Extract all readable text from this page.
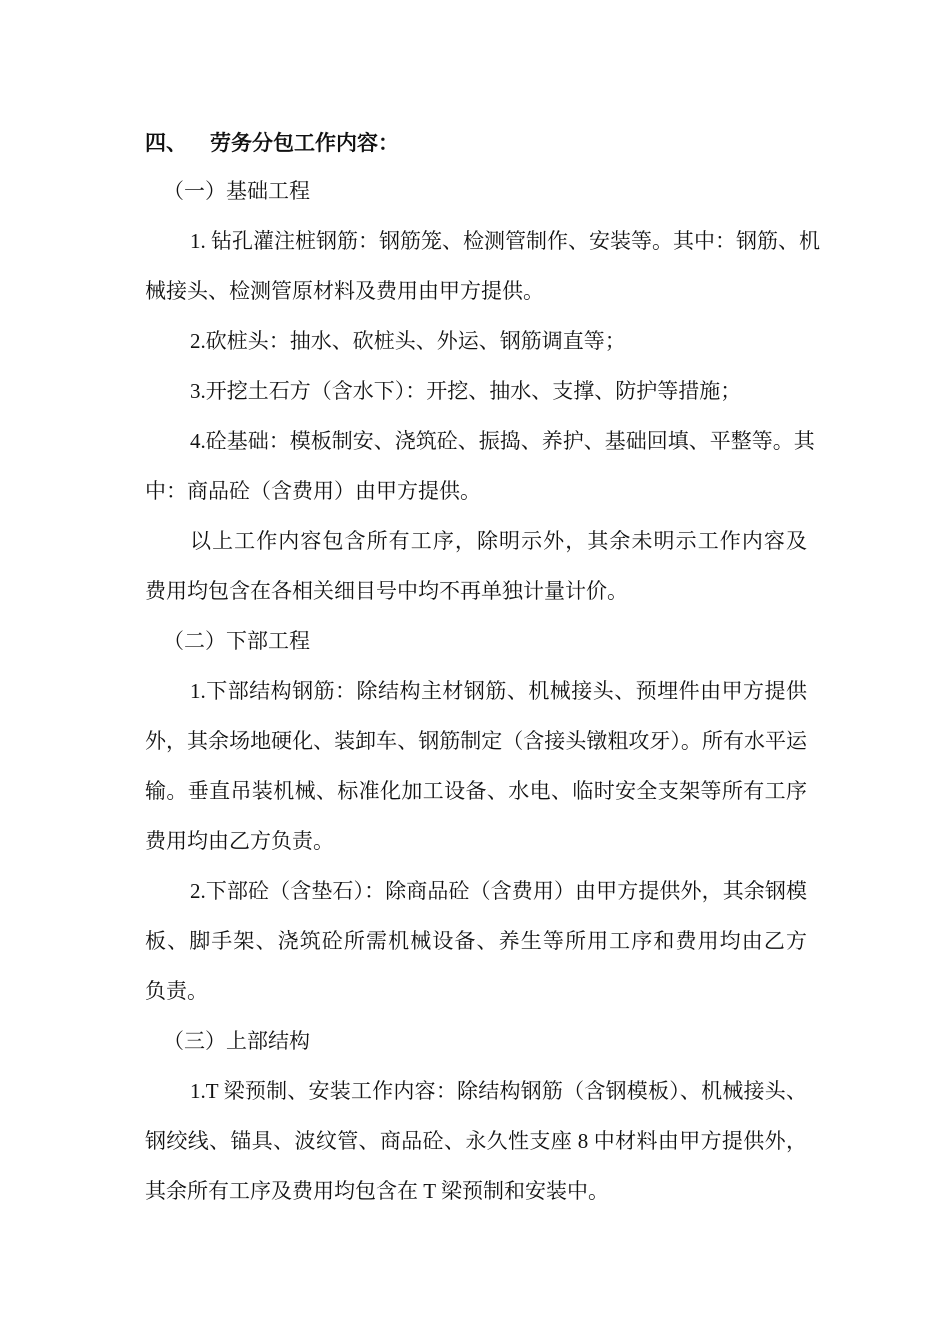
四、 劳务分包工作内容：
（一）基础工程
1. 钻孔灌注桩钢筋：钢筋笼、检测管制作、安装等。其中：钢筋、机
械接头、检测管原材料及费用由甲方提供。
2.砍桩头：抽水、砍桩头、外运、钢筋调直等；
3.开挖土石方（含水下）：开挖、抽水、支撑、防护等措施；
4.砼基础：模板制安、浇筑砼、振捣、养护、基础回填、平整等。其
中：商品砼（含费用）由甲方提供。
以上工作内容包含所有工序，除明示外，其余未明示工作内容及
费用均包含在各相关细目号中均不再单独计量计价。
（二）下部工程
1.下部结构钢筋：除结构主材钢筋、机械接头、预埋件由甲方提供
外，其余场地硬化、装卸车、钢筋制定（含接头镦粗攻牙）。所有水平运
输。垂直吊装机械、标准化加工设备、水电、临时安全支架等所有工序
费用均由乙方负责。
2.下部砼（含垫石）：除商品砼（含费用）由甲方提供外，其余钢模
板、脚手架、浇筑砼所需机械设备、养生等所用工序和费用均由乙方
负责。
（三）上部结构
1.T 梁预制、安装工作内容：除结构钢筋（含钢模板）、机械接头、
钢绞线、锚具、波纹管、商品砼、永久性支座 8 中材料由甲方提供外，
其余所有工序及费用均包含在 T 梁预制和安装中。
